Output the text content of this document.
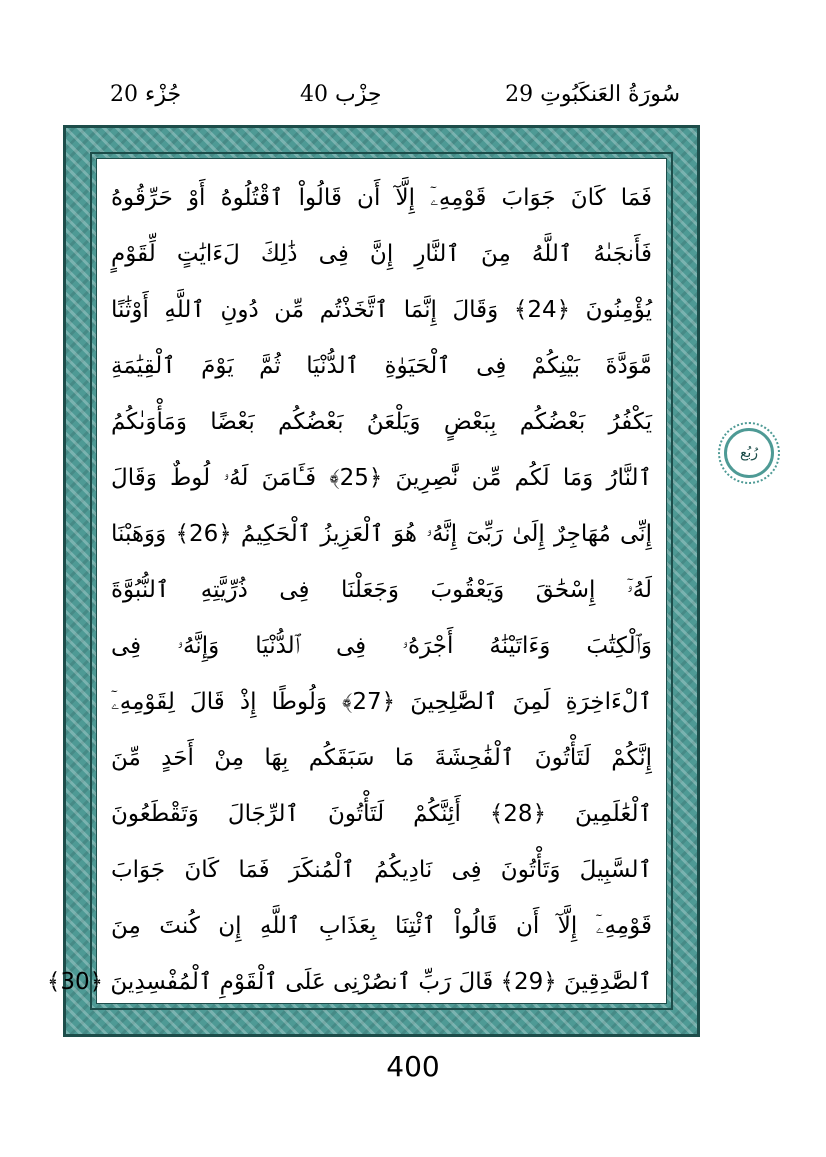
جُزْء 20	حِزْب 40	29 سُورَةُ العَنكَبُوتِ
فَمَا كَانَ جَوَابَ قَوْمِهِۦٓ إِلَّآ أَن قَالُواْ ٱقْتُلُوهُ أَوْ حَرِّقُوهُ
فَأَنجَىٰهُ ٱللَّهُ مِنَ ٱلنَّارِ إِنَّ فِى ذَٰلِكَ لَءَايَٰتٍ لِّقَوْمٍ
يُؤْمِنُونَ ﴿24﴾ وَقَالَ إِنَّمَا ٱتَّخَذْتُم مِّن دُونِ ٱللَّهِ أَوْثَٰنًا
مَّوَدَّةَ بَيْنِكُمْ فِى ٱلْحَيَوٰةِ ٱلدُّنْيَا ثُمَّ يَوْمَ ٱلْقِيَٰمَةِ
يَكْفُرُ بَعْضُكُم بِبَعْضٍ وَيَلْعَنُ بَعْضُكُم بَعْضًا وَمَأْوَىٰكُمُ
ٱلنَّارُ وَمَا لَكُم مِّن نَّٰصِرِينَ ﴿25﴾ فَـَٔامَنَ لَهُۥ لُوطٌ وَقَالَ
إِنِّى مُهَاجِرٌ إِلَىٰ رَبِّىٓ إِنَّهُۥ هُوَ ٱلْعَزِيزُ ٱلْحَكِيمُ ﴿26﴾ وَوَهَبْنَا
لَهُۥٓ إِسْحَٰقَ وَيَعْقُوبَ وَجَعَلْنَا فِى ذُرِّيَّتِهِ ٱلنُّبُوَّةَ
وَٱلْكِتَٰبَ وَءَاتَيْنَٰهُ أَجْرَهُۥ فِى ٱلدُّنْيَا وَإِنَّهُۥ فِى
ٱلْءَاخِرَةِ لَمِنَ ٱلصَّٰلِحِينَ ﴿27﴾ وَلُوطًا إِذْ قَالَ لِقَوْمِهِۦٓ
إِنَّكُمْ لَتَأْتُونَ ٱلْفَٰحِشَةَ مَا سَبَقَكُم بِهَا مِنْ أَحَدٍ مِّنَ
ٱلْعَٰلَمِينَ ﴿28﴾ أَئِنَّكُمْ لَتَأْتُونَ ٱلرِّجَالَ وَتَقْطَعُونَ
ٱلسَّبِيلَ وَتَأْتُونَ فِى نَادِيكُمُ ٱلْمُنكَرَ فَمَا كَانَ جَوَابَ
قَوْمِهِۦٓ إِلَّآ أَن قَالُواْ ٱئْتِنَا بِعَذَابِ ٱللَّهِ إِن كُنتَ مِنَ
ٱلصَّٰدِقِينَ ﴿29﴾ قَالَ رَبِّ ٱنصُرْنِى عَلَى ٱلْقَوْمِ ٱلْمُفْسِدِينَ ﴿30﴾
رُبُع
400
